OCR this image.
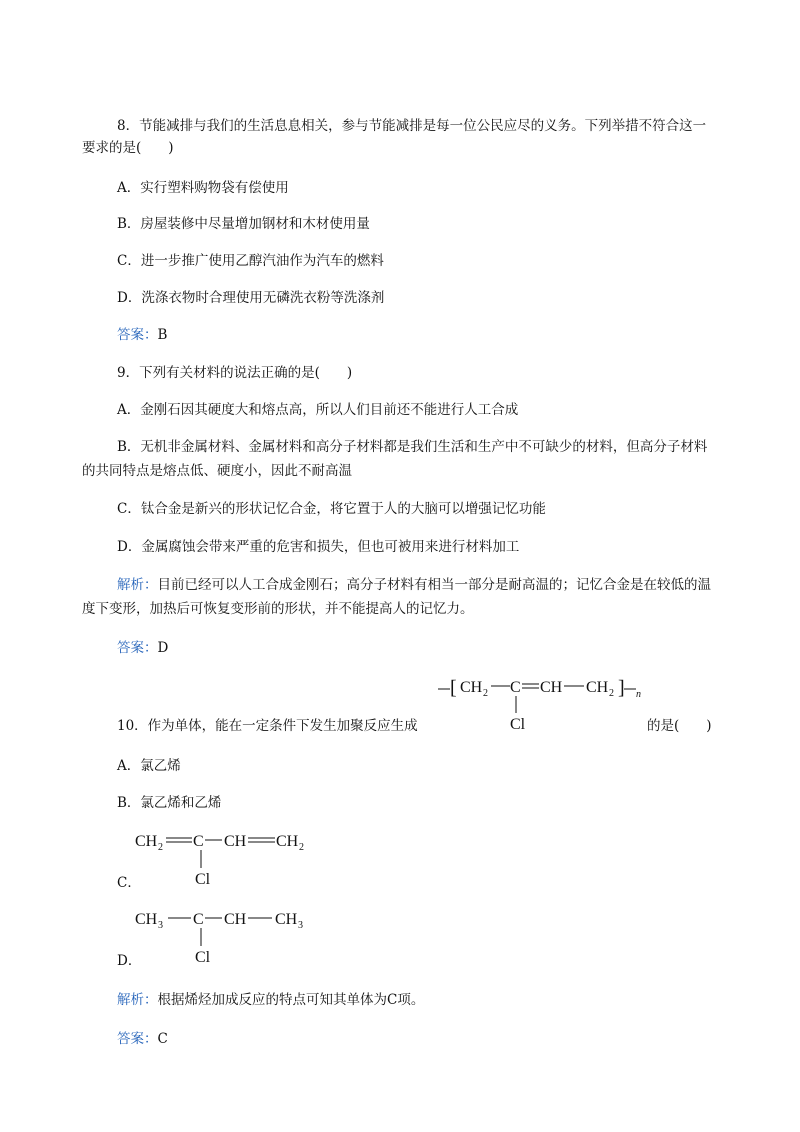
8．节能减排与我们的生活息息相关，参与节能减排是每一位公民应尽的义务。下列举措不符合这一
要求的是(　　)
A．实行塑料购物袋有偿使用
B．房屋装修中尽量增加钢材和木材使用量
C．进一步推广使用乙醇汽油作为汽车的燃料
D．洗涤衣物时合理使用无磷洗衣粉等洗涤剂
答案：B
9．下列有关材料的说法正确的是(　　)
A．金刚石因其硬度大和熔点高，所以人们目前还不能进行人工合成
B．无机非金属材料、金属材料和高分子材料都是我们生活和生产中不可缺少的材料，但高分子材料
的共同特点是熔点低、硬度小，因此不耐高温
C．钛合金是新兴的形状记忆合金，将它置于人的大脑可以增强记忆功能
D．金属腐蚀会带来严重的危害和损失，但也可被用来进行材料加工
解析：目前已经可以人工合成金刚石；高分子材料有相当一部分是耐高温的；记忆合金是在较低的温
度下变形，加热后可恢复变形前的形状，并不能提高人的记忆力。
答案：D
[ CH 2 C CH CH 2 ] n
Cl
10．作为单体，能在一定条件下发生加聚反应生成	的是(　　)
A．氯乙烯
B．氯乙烯和乙烯
CH 2 C CH CH 2
Cl
C．
CH 3 C CH CH 3
Cl
D．
解析：根据烯烃加成反应的特点可知其单体为C项。
答案：C
